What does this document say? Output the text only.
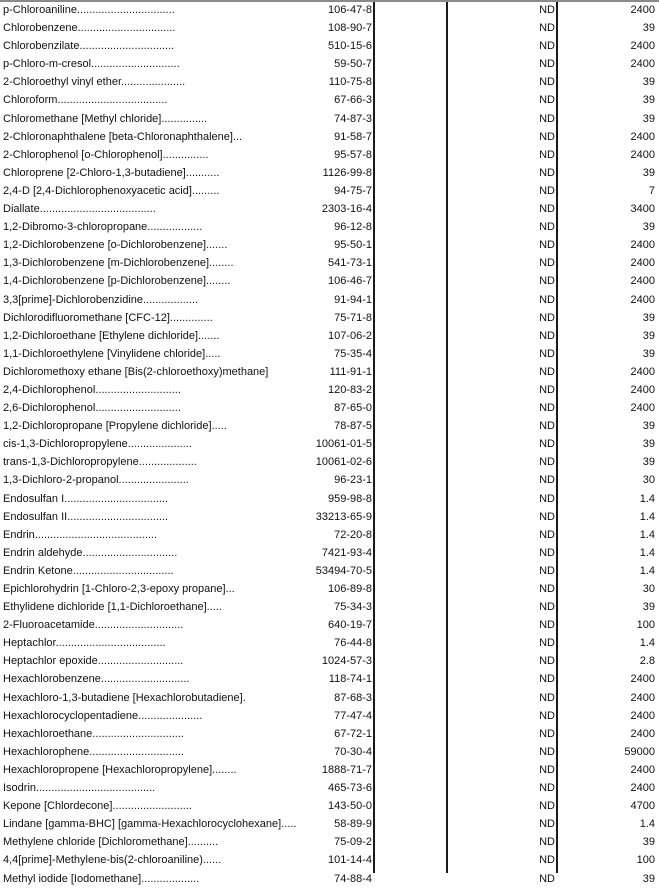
p-Chloroaniline................................	106-47-8	ND	2400
Chlorobenzene................................	108-90-7	ND	39
Chlorobenzilate...............................	510-15-6	ND	2400
p-Chloro-m-cresol.............................	59-50-7	ND	2400
2-Chloroethyl vinyl ether.....................	110-75-8	ND	39
Chloroform....................................	67-66-3	ND	39
Chloromethane [Methyl chloride]...............	74-87-3	ND	39
2-Chloronaphthalene [beta-Chloronaphthalene]...	91-58-7	ND	2400
2-Chlorophenol [o-Chlorophenol]...............	95-57-8	ND	2400
Chloroprene [2-Chloro-1,3-butadiene]...........	1126-99-8	ND	39
2,4-D [2,4-Dichlorophenoxyacetic acid].........	94-75-7	ND	7
Diallate......................................	2303-16-4	ND	3400
1,2-Dibromo-3-chloropropane..................	96-12-8	ND	39
1,2-Dichlorobenzene [o-Dichlorobenzene].......	95-50-1	ND	2400
1,3-Dichlorobenzene [m-Dichlorobenzene]........	541-73-1	ND	2400
1,4-Dichlorobenzene [p-Dichlorobenzene]........	106-46-7	ND	2400
3,3[prime]-Dichlorobenzidine..................	91-94-1	ND	2400
Dichlorodifluoromethane [CFC-12]..............	75-71-8	ND	39
1,2-Dichloroethane [Ethylene dichloride].......	107-06-2	ND	39
1,1-Dichloroethylene [Vinylidene chloride].....	75-35-4	ND	39
Dichloromethoxy ethane [Bis(2-chloroethoxy)methane]	111-91-1	ND	2400
2,4-Dichlorophenol............................	120-83-2	ND	2400
2,6-Dichlorophenol............................	87-65-0	ND	2400
1,2-Dichloropropane [Propylene dichloride].....	78-87-5	ND	39
cis-1,3-Dichloropropylene.....................	10061-01-5	ND	39
trans-1,3-Dichloropropylene...................	10061-02-6	ND	39
1,3-Dichloro-2-propanol.......................	96-23-1	ND	30
Endosulfan I..................................	959-98-8	ND	1.4
Endosulfan II.................................	33213-65-9	ND	1.4
Endrin........................................	72-20-8	ND	1.4
Endrin aldehyde...............................	7421-93-4	ND	1.4
Endrin Ketone.................................	53494-70-5	ND	1.4
Epichlorohydrin [1-Chloro-2,3-epoxy propane]...	106-89-8	ND	30
Ethylidene dichloride [1,1-Dichloroethane].....	75-34-3	ND	39
2-Fluoroacetamide.............................	640-19-7	ND	100
Heptachlor....................................	76-44-8	ND	1.4
Heptachlor epoxide............................	1024-57-3	ND	2.8
Hexachlorobenzene.............................	118-74-1	ND	2400
Hexachloro-1,3-butadiene [Hexachlorobutadiene].	87-68-3	ND	2400
Hexachlorocyclopentadiene.....................	77-47-4	ND	2400
Hexachloroethane..............................	67-72-1	ND	2400
Hexachlorophene...............................	70-30-4	ND	59000
Hexachloropropene [Hexachloropropylene]........	1888-71-7	ND	2400
Isodrin.......................................	465-73-6	ND	2400
Kepone [Chlordecone]..........................	143-50-0	ND	4700
Lindane [gamma-BHC] [gamma-Hexachlorocyclohexane].....	58-89-9	ND	1.4
Methylene chloride [Dichloromethane]..........	75-09-2	ND	39
4,4[prime]-Methylene-bis(2-chloroaniline)......	101-14-4	ND	100
Methyl iodide [Iodomethane]...................	74-88-4	ND	39
